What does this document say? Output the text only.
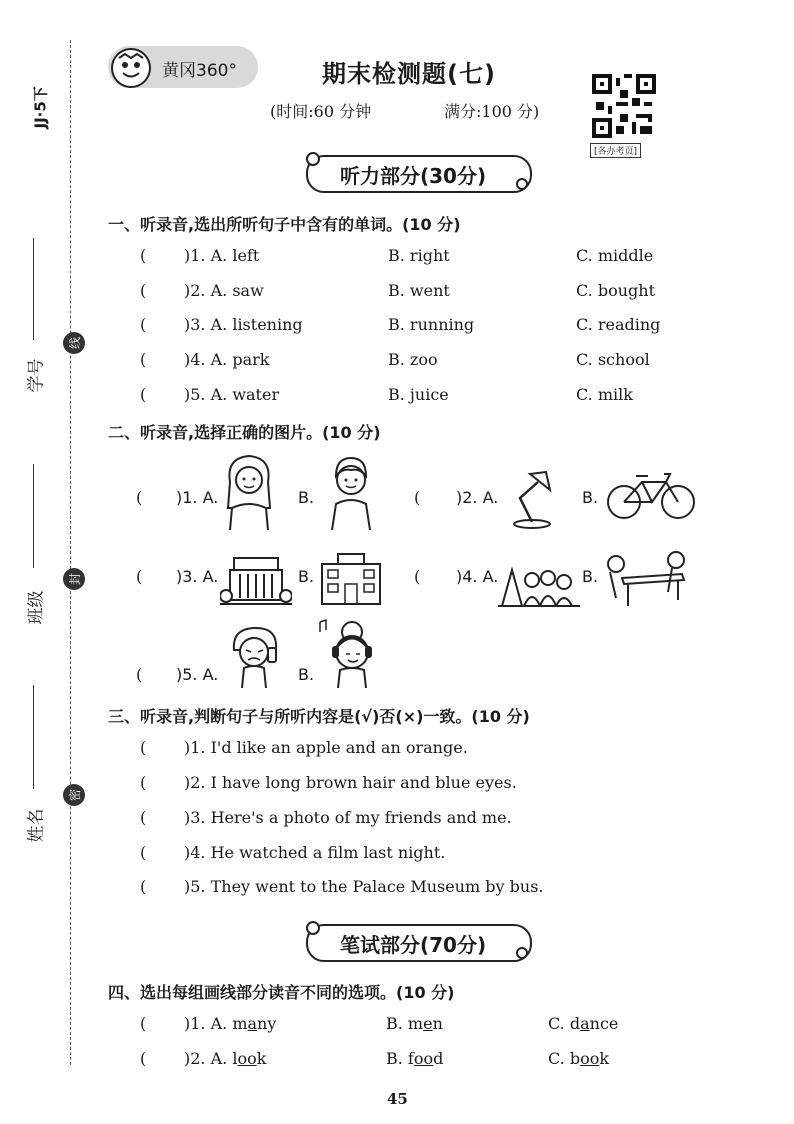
JJ·5下
学号
班级
姓名
线
封
密
黄冈360°	期末检测题(七)
(时间:60 分钟	满分:100 分)
[各办考页]
听力部分(30分)
一、听录音,选出所听句子中含有的单词。(10 分)
( )1. A. left	B. right	C. middle
( )2. A. saw	B. went	C. bought
( )3. A. listening	B. running	C. reading
( )4. A. park	B. zoo	C. school
( )5. A. water	B. juice	C. milk
二、听录音,选择正确的图片。(10 分)
( )1. A.	B.	( )2. A.	B.
( )3. A.	B.	( )4. A.	B.
( )5. A.	B.
三、听录音,判断句子与所听内容是(√)否(×)一致。(10 分)
( )1. I'd like an apple and an orange.
( )2. I have long brown hair and blue eyes.
( )3. Here's a photo of my friends and me.
( )4. He watched a film last night.
( )5. They went to the Palace Museum by bus.
笔试部分(70分)
四、选出每组画线部分读音不同的选项。(10 分)
( )1. A. many	B. men	C. dance
( )2. A. look	B. food	C. book
45
